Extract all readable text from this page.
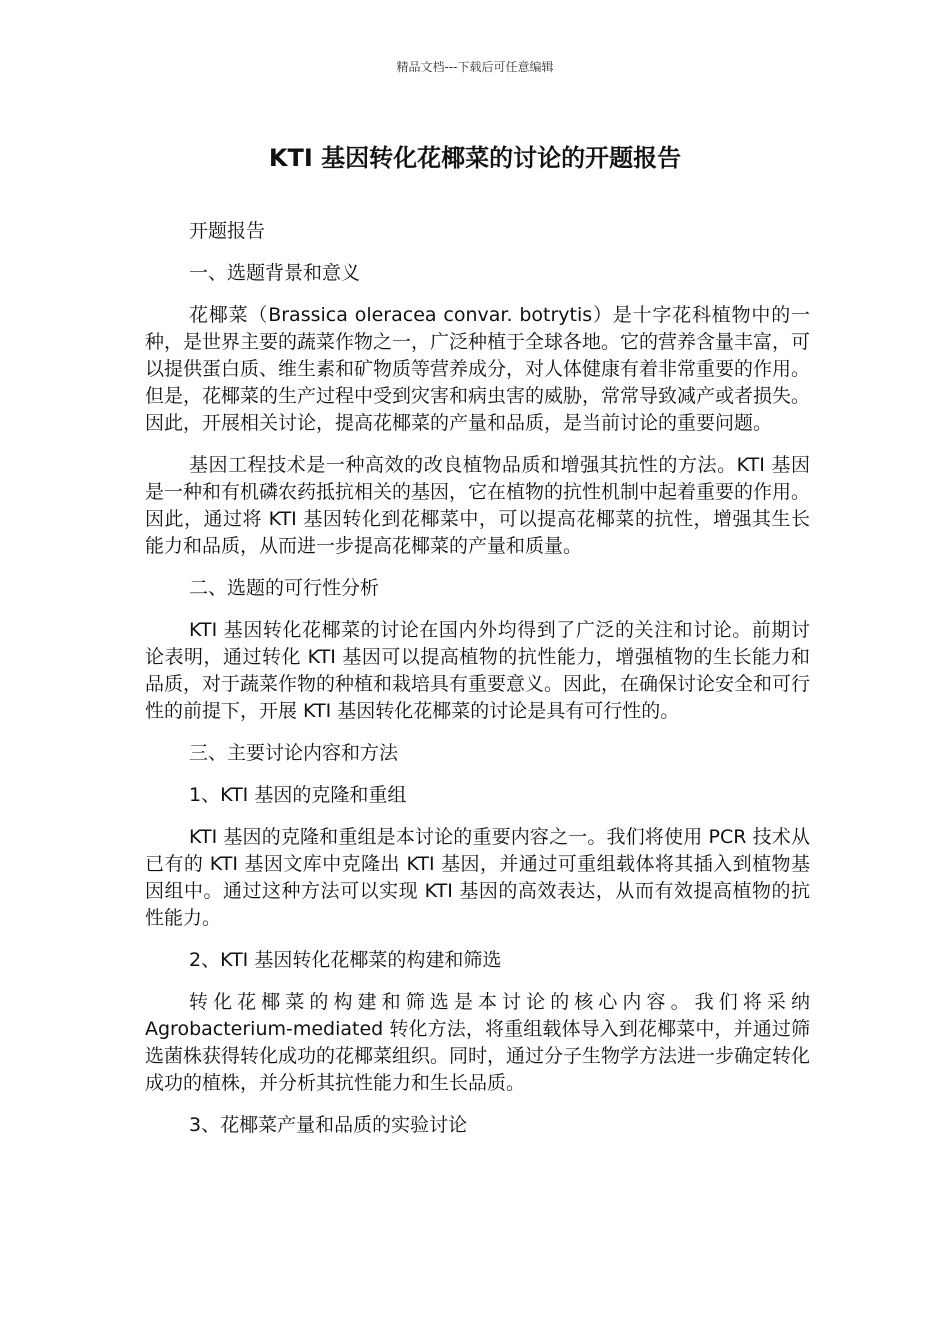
精品文档---下载后可任意编辑
KTI 基因转化花椰菜的讨论的开题报告

开题报告

一、选题背景和意义

花椰菜（Brassica oleracea convar. botrytis）是十字花科植物中的一种，是世界主要的蔬菜作物之一，广泛种植于全球各地。它的营养含量丰富，可以提供蛋白质、维生素和矿物质等营养成分，对人体健康有着非常重要的作用。但是，花椰菜的生产过程中受到灾害和病虫害的威胁，常常导致减产或者损失。因此，开展相关讨论，提高花椰菜的产量和品质，是当前讨论的重要问题。

基因工程技术是一种高效的改良植物品质和增强其抗性的方法。KTI 基因是一种和有机磷农药抵抗相关的基因，它在植物的抗性机制中起着重要的作用。因此，通过将 KTI 基因转化到花椰菜中，可以提高花椰菜的抗性，增强其生长能力和品质，从而进一步提高花椰菜的产量和质量。

二、选题的可行性分析

KTI 基因转化花椰菜的讨论在国内外均得到了广泛的关注和讨论。前期讨论表明，通过转化 KTI 基因可以提高植物的抗性能力，增强植物的生长能力和品质，对于蔬菜作物的种植和栽培具有重要意义。因此，在确保讨论安全和可行性的前提下，开展 KTI 基因转化花椰菜的讨论是具有可行性的。

三、主要讨论内容和方法

1、KTI 基因的克隆和重组

KTI 基因的克隆和重组是本讨论的重要内容之一。我们将使用 PCR 技术从已有的 KTI 基因文库中克隆出 KTI 基因，并通过可重组载体将其插入到植物基因组中。通过这种方法可以实现 KTI 基因的高效表达，从而有效提高植物的抗性能力。

2、KTI 基因转化花椰菜的构建和筛选

转化花椰菜的构建和筛选是本讨论的核心内容。我们将采纳 Agrobacterium-mediated 转化方法，将重组载体导入到花椰菜中，并通过筛选菌株获得转化成功的花椰菜组织。同时，通过分子生物学方法进一步确定转化成功的植株，并分析其抗性能力和生长品质。

3、花椰菜产量和品质的实验讨论
